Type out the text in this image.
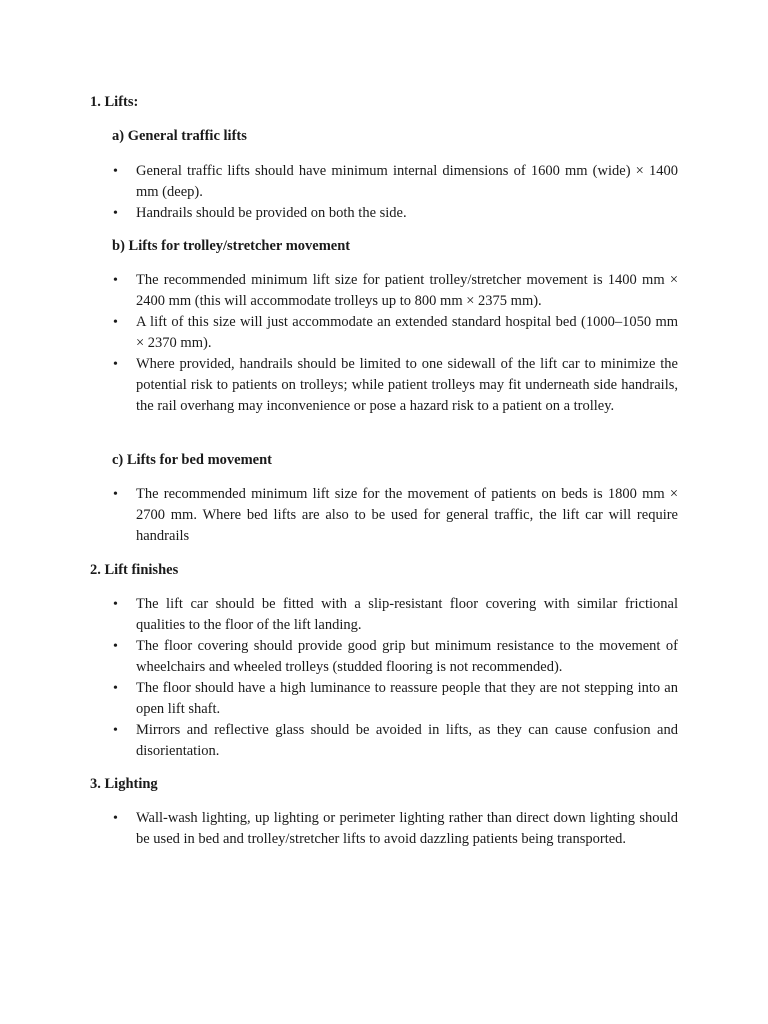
1. Lifts:

a) General traffic lifts

• General traffic lifts should have minimum internal dimensions of 1600 mm (wide) × 1400 mm (deep).
• Handrails should be provided on both the side.

b) Lifts for trolley/stretcher movement

• The recommended minimum lift size for patient trolley/stretcher movement is 1400 mm × 2400 mm (this will accommodate trolleys up to 800 mm × 2375 mm).
• A lift of this size will just accommodate an extended standard hospital bed (1000–1050 mm × 2370 mm).
• Where provided, handrails should be limited to one sidewall of the lift car to minimize the potential risk to patients on trolleys; while patient trolleys may fit underneath side handrails, the rail overhang may inconvenience or pose a hazard risk to a patient on a trolley.

c) Lifts for bed movement

• The recommended minimum lift size for the movement of patients on beds is 1800 mm × 2700 mm. Where bed lifts are also to be used for general traffic, the lift car will require handrails

2. Lift finishes

• The lift car should be fitted with a slip-resistant floor covering with similar frictional qualities to the floor of the lift landing.
• The floor covering should provide good grip but minimum resistance to the movement of wheelchairs and wheeled trolleys (studded flooring is not recommended).
• The floor should have a high luminance to reassure people that they are not stepping into an open lift shaft.
• Mirrors and reflective glass should be avoided in lifts, as they can cause confusion and disorientation.

3. Lighting

• Wall-wash lighting, up lighting or perimeter lighting rather than direct down lighting should be used in bed and trolley/stretcher lifts to avoid dazzling patients being transported.
